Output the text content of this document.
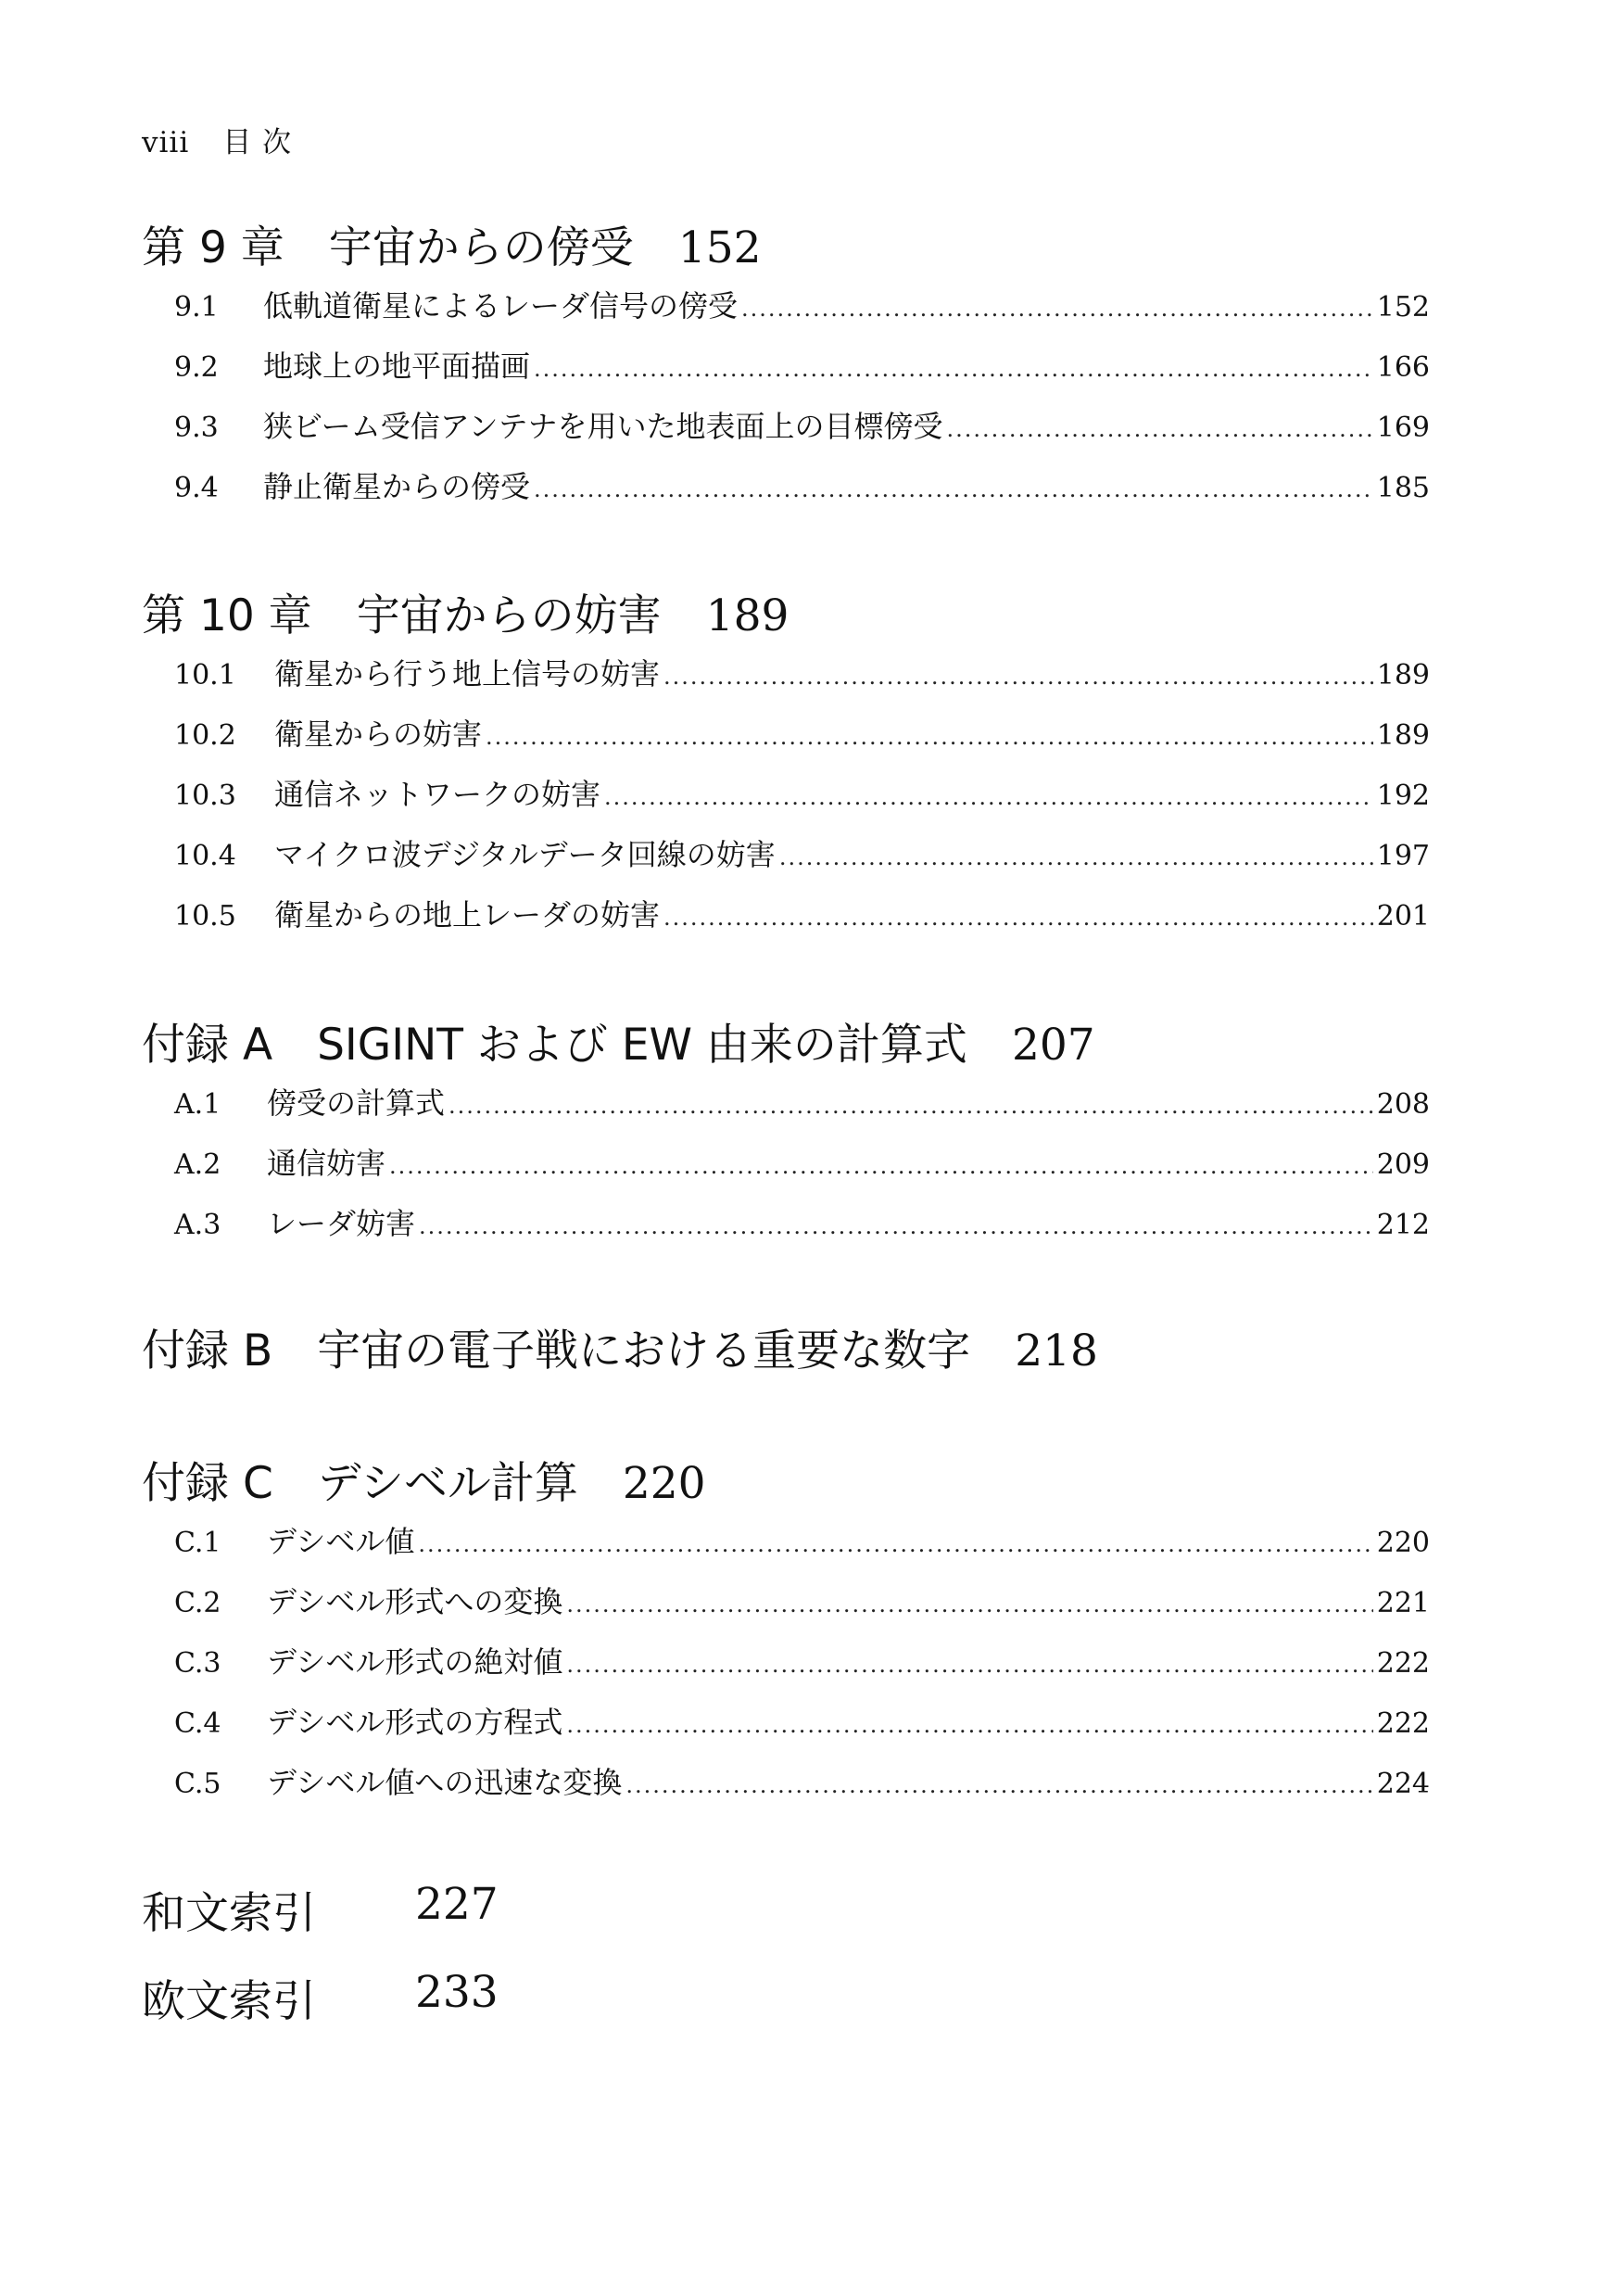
viii 目 次
第 9 章 宇宙からの傍受 152
9.1	低軌道衛星によるレーダ信号の傍受 .....	152
9.2	地球上の地平面描画 .....	166
9.3	狭ビーム受信アンテナを用いた地表面上の目標傍受 .....	169
9.4	静止衛星からの傍受 .....	185
第 10 章 宇宙からの妨害 189
10.1	衛星から行う地上信号の妨害 .....	189
10.2	衛星からの妨害 .....	189
10.3	通信ネットワークの妨害 .....	192
10.4	マイクロ波デジタルデータ回線の妨害 .....	197
10.5	衛星からの地上レーダの妨害 .....	201
付録 A SIGINT および EW 由来の計算式 207
A.1	傍受の計算式 .....	208
A.2	通信妨害 .....	209
A.3	レーダ妨害 .....	212
付録 B 宇宙の電子戦における重要な数字 218
付録 C デシベル計算 220
C.1	デシベル値 .....	220
C.2	デシベル形式への変換 .....	221
C.3	デシベル形式の絶対値 .....	222
C.4	デシベル形式の方程式 .....	222
C.5	デシベル値への迅速な変換 .....	224
和文索引 227
欧文索引 233
